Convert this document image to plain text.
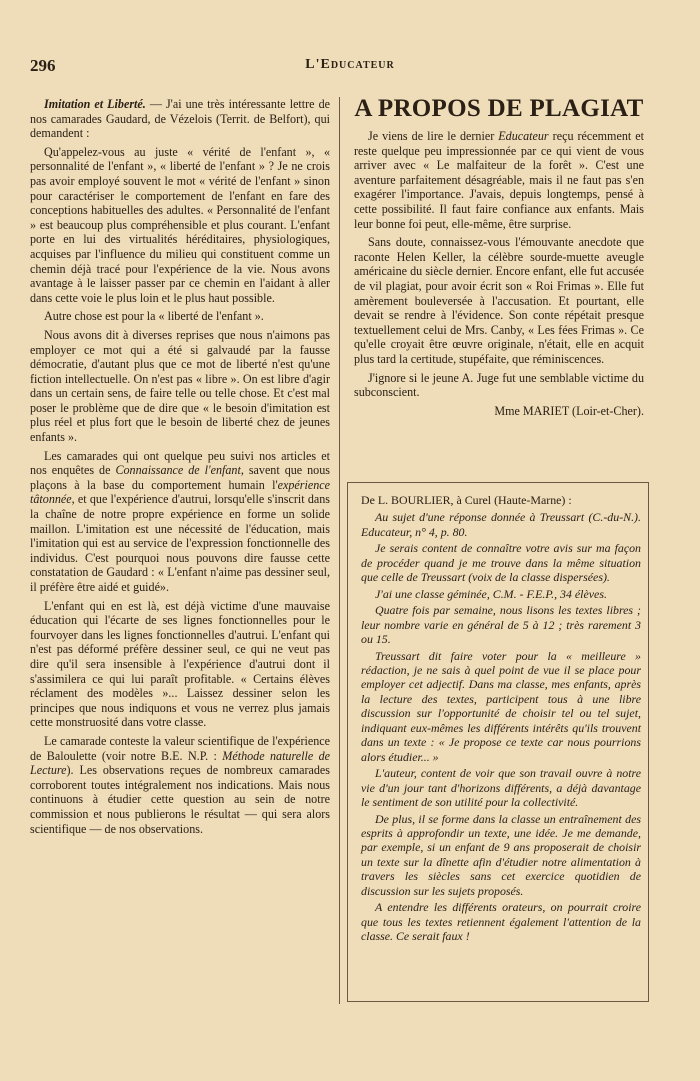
296	L'Educateur

Imitation et Liberté. — J'ai une très intéressante lettre de nos camarades Gaudard, de Vézelois (Territ. de Belfort), qui demandent :

Qu'appelez-vous au juste « vérité de l'enfant », « personnalité de l'enfant », « liberté de l'enfant » ? Je ne crois pas avoir employé souvent le mot « vérité de l'enfant » sinon pour caractériser le comportement de l'enfant en fare des conceptions habituelles des adultes. « Personnalité de l'enfant » est beaucoup plus compréhensible et plus courant. L'enfant porte en lui des virtualités héréditaires, physiologiques, acquises par l'influence du milieu qui constituent comme un chemin déjà tracé pour l'expérience de la vie. Nous avons avantage à le laisser passer par ce chemin en l'aidant à aller dans cette voie le plus loin et le plus haut possible.

Autre chose est pour la « liberté de l'enfant ».

Nous avons dit à diverses reprises que nous n'aimons pas employer ce mot qui a été si galvaudé par la fausse démocratie, d'autant plus que ce mot de liberté n'est qu'une fiction intellectuelle. On n'est pas « libre ». On est libre d'agir dans un certain sens, de faire telle ou telle chose. Et c'est mal poser le problème que de dire que « le besoin d'imitation est plus réel et plus fort que le besoin de liberté chez de jeunes enfants ».

Les camarades qui ont quelque peu suivi nos articles et nos enquêtes de Connaissance de l'enfant, savent que nous plaçons à la base du comportement humain l'expérience tâtonnée, et que l'expérience d'autrui, lorsqu'elle s'inscrit dans la chaîne de notre propre expérience en forme un solide maillon. L'imitation est une nécessité de l'éducation, mais l'imitation qui est au service de l'expression fonctionnelle des individus. C'est pourquoi nous pouvons dire fausse cette constatation de Gaudard : « L'enfant n'aime pas dessiner seul, il préfère être aidé et guidé».

L'enfant qui en est là, est déjà victime d'une mauvaise éducation qui l'écarte de ses lignes fonctionnelles pour le fourvoyer dans les lignes fonctionnelles d'autrui. L'enfant qui n'est pas déformé préfère dessiner seul, ce qui ne veut pas dire qu'il sera insensible à l'expérience d'autrui dont il s'assimilera ce qui lui paraît profitable. « Certains élèves réclament des modèles »... Laissez dessiner selon les principes que nous indiquons et vous ne verrez plus jamais cette monstruosité dans votre classe.

Le camarade conteste la valeur scientifique de l'expérience de Baloulette (voir notre B.E. N.P. : Méthode naturelle de Lecture). Les observations reçues de nombreux camarades corroborent toutes intégralement nos indications. Mais nous continuons à étudier cette question au sein de notre commission et nous publierons le résultat — qui sera alors scientifique — de nos observations.

A PROPOS DE PLAGIAT

Je viens de lire le dernier Educateur reçu récemment et reste quelque peu impressionnée par ce qui vient de vous arriver avec « Le malfaiteur de la forêt ». C'est une aventure parfaitement désagréable, mais il ne faut pas s'en exagérer l'importance. J'avais, depuis longtemps, pensé à cette possibilité. Il faut faire confiance aux enfants. Mais leur bonne foi peut, elle-même, être surprise.

Sans doute, connaissez-vous l'émouvante anecdote que raconte Helen Keller, la célèbre sourde-muette aveugle américaine du siècle dernier. Encore enfant, elle fut accusée de vil plagiat, pour avoir écrit son « Roi Frimas ». Elle fut amèrement bouleversée à l'accusation. Et pourtant, elle devait se rendre à l'évidence. Son conte répétait presque textuellement celui de Mrs. Canby, « Les fées Frimas ». Ce qu'elle croyait être œuvre originale, n'était, elle en acquit plus tard la certitude, stupéfaite, que réminiscences.

J'ignore si le jeune A. Juge fut une semblable victime du subconscient.

Mme MARIET (Loir-et-Cher).

De L. BOURLIER, à Curel (Haute-Marne) :

Au sujet d'une réponse donnée à Treussart (C.-du-N.). Educateur, n° 4, p. 80.

Je serais content de connaître votre avis sur ma façon de procéder quand je me trouve dans la même situation que celle de Treussart (voix de la classe dispersées).

J'ai une classe géminée, C.M. - F.E.P., 34 élèves.

Quatre fois par semaine, nous lisons les textes libres ; leur nombre varie en général de 5 à 12 ; très rarement 3 ou 15.

Treussart dit faire voter pour la « meilleure » rédaction, je ne sais à quel point de vue il se place pour employer cet adjectif. Dans ma classe, mes enfants, après la lecture des textes, participent tous à une libre discussion sur l'opportunité de choisir tel ou tel sujet, indiquant eux-mêmes les différents intérêts qu'ils trouvent dans un texte : « Je propose ce texte car nous pourrions alors étudier... »

L'auteur, content de voir que son travail ouvre à notre vie d'un jour tant d'horizons différents, a déjà davantage le sentiment de son utilité pour la collectivité.

De plus, il se forme dans la classe un entraînement des esprits à approfondir un texte, une idée. Je me demande, par exemple, si un enfant de 9 ans proposerait de choisir un texte sur la dînette afin d'étudier notre alimentation à travers les siècles sans cet exercice quotidien de discussion sur les sujets proposés.

A entendre les différents orateurs, on pourrait croire que tous les textes retiennent également l'attention de la classe. Ce serait faux !
